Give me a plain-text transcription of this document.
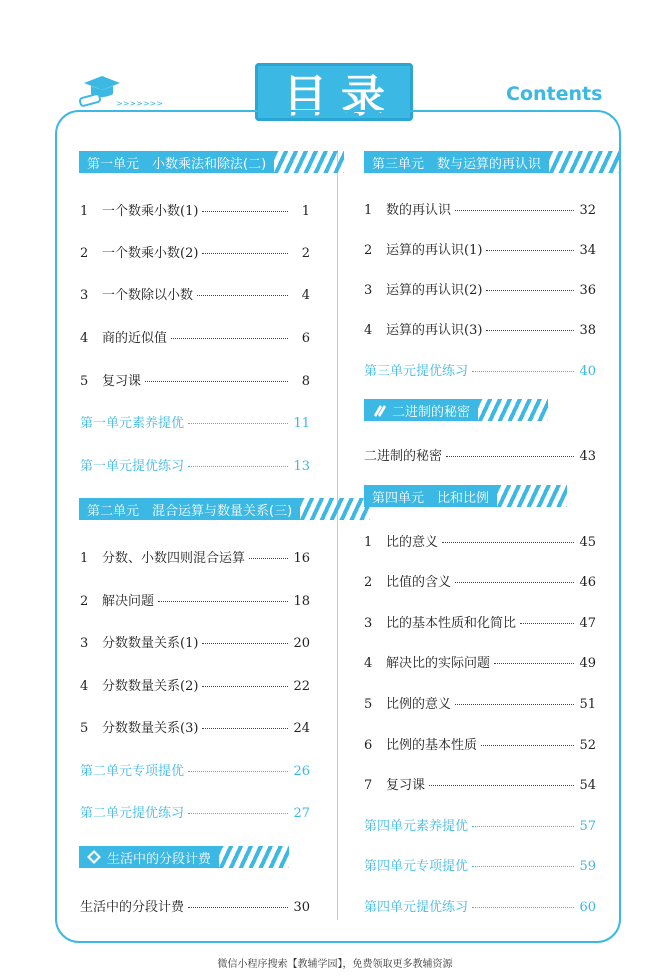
>>>>>>>	目录	Contents
第一单元　小数乘法和除法(二)
1	一个数乘小数(1)	1
2	一个数乘小数(2)	2
3	一个数除以小数	4
4	商的近似值	6
5	复习课	8
第一单元素养提优	11
第一单元提优练习	13
第二单元　混合运算与数量关系(三)
1	分数、小数四则混合运算	16
2	解决问题	18
3	分数数量关系(1)	20
4	分数数量关系(2)	22
5	分数数量关系(3)	24
第二单元专项提优	26
第二单元提优练习	27
生活中的分段计费
生活中的分段计费	30
第三单元　数与运算的再认识
1	数的再认识	32
2	运算的再认识(1)	34
3	运算的再认识(2)	36
4	运算的再认识(3)	38
第三单元提优练习	40
二进制的秘密
二进制的秘密	43
第四单元　比和比例
1	比的意义	45
2	比值的含义	46
3	比的基本性质和化简比	47
4	解决比的实际问题	49
5	比例的意义	51
6	比例的基本性质	52
7	复习课	54
第四单元素养提优	57
第四单元专项提优	59
第四单元提优练习	60
微信小程序搜索【教辅学园】，免费领取更多教辅资源
